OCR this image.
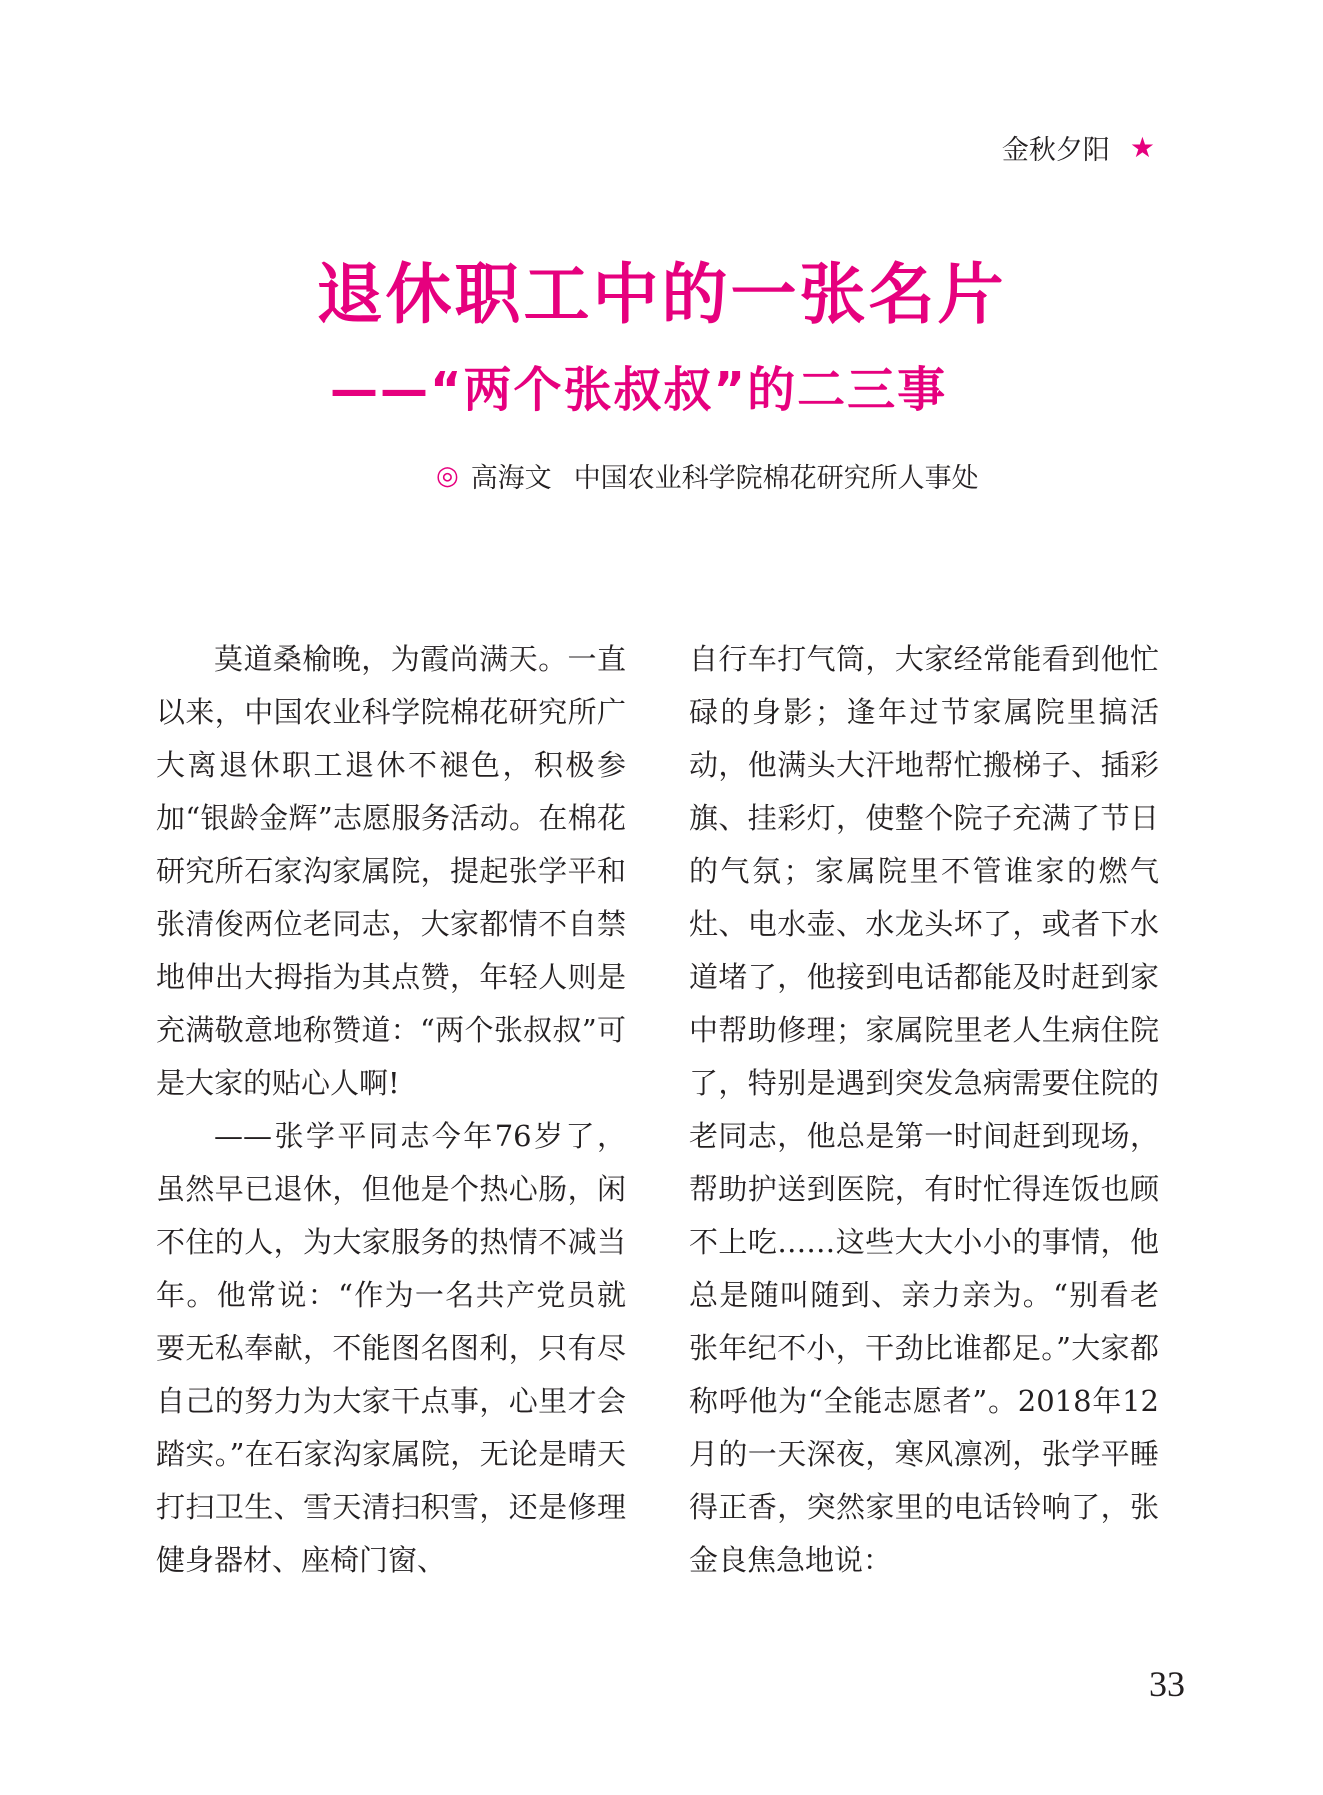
金秋夕阳 ★
退休职工中的一张名片
——“两个张叔叔”的二三事
◎ 高海文 中国农业科学院棉花研究所人事处

莫道桑榆晚，为霞尚满天。一直以来，中国农业科学院棉花研究所广大离退休职工退休不褪色，积极参加“银龄金辉”志愿服务活动。在棉花研究所石家沟家属院，提起张学平和张清俊两位老同志，大家都情不自禁地伸出大拇指为其点赞，年轻人则是充满敬意地称赞道：“两个张叔叔”可是大家的贴心人啊!

——张学平同志今年76岁了，虽然早已退休，但他是个热心肠，闲不住的人，为大家服务的热情不减当年。他常说：“作为一名共产党员就要无私奉献，不能图名图利，只有尽自己的努力为大家干点事，心里才会踏实。”在石家沟家属院，无论是晴天打扫卫生、雪天清扫积雪，还是修理健身器材、座椅门窗、

自行车打气筒，大家经常能看到他忙碌的身影；逢年过节家属院里搞活动，他满头大汗地帮忙搬梯子、插彩旗、挂彩灯，使整个院子充满了节日的气氛；家属院里不管谁家的燃气灶、电水壶、水龙头坏了，或者下水道堵了，他接到电话都能及时赶到家中帮助修理；家属院里老人生病住院了，特别是遇到突发急病需要住院的老同志，他总是第一时间赶到现场，帮助护送到医院，有时忙得连饭也顾不上吃……这些大大小小的事情，他总是随叫随到、亲力亲为。“别看老张年纪不小，干劲比谁都足。”大家都称呼他为“全能志愿者”。2018年12月的一天深夜，寒风凛冽，张学平睡得正香，突然家里的电话铃响了，张金良焦急地说：

33
